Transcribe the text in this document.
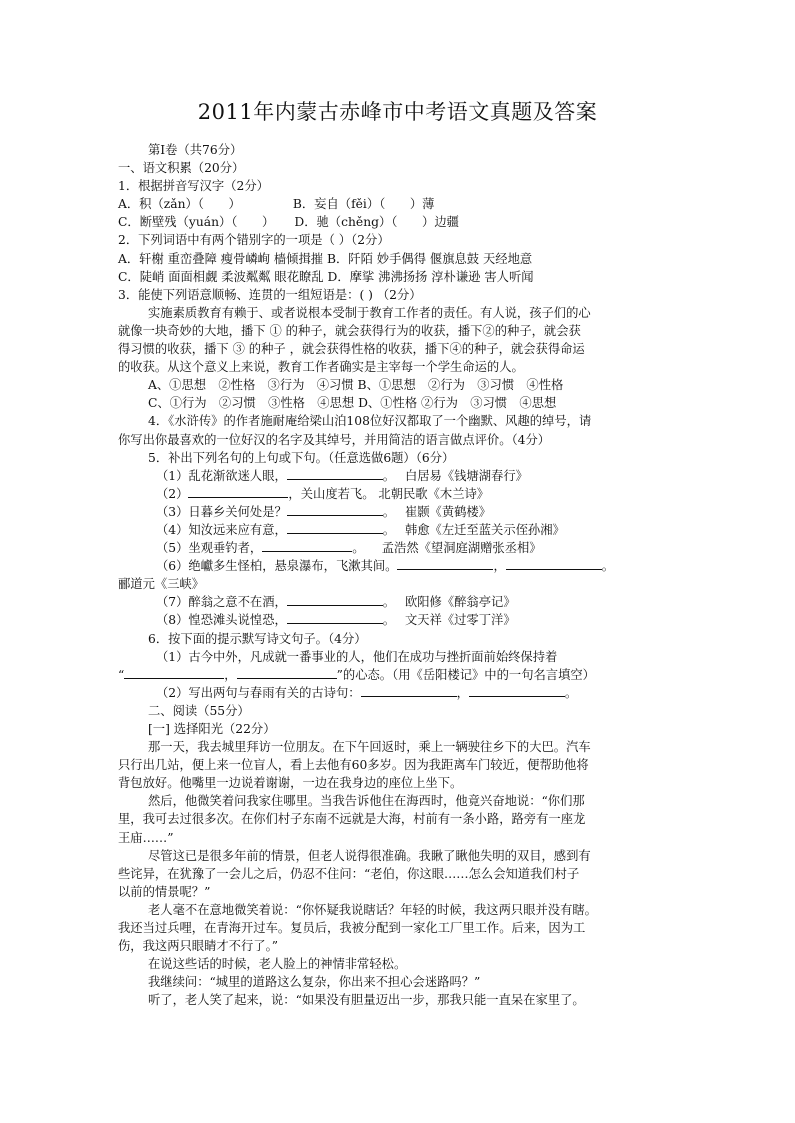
2011年内蒙古赤峰市中考语文真题及答案
第Ⅰ卷（共76分）
一、语文积累（20分）
1．根据拼音写汉字（2分）
A．积（zǎn）（　　）	B．妄自（fěi）（　　）薄
C．断壁残（yuán）（　　） D．驰（chěng）（　　）边疆
2．下列词语中有两个错别字的一项是（ ）（2分）
A．轩榭 重峦叠障 瘦骨嶙峋 樯倾揖摧 B．阡陌 妙手偶得 偃旗息鼓 天经地意
C．陡峭 面面相觑 柔波粼粼 眼花瞭乱 D．摩挲 沸沸扬扬 淳朴谦逊 害人听闻
3．能使下列语意顺畅、连贯的一组短语是：( ) （2分）
实施素质教育有赖于、或者说根本受制于教育工作者的责任。有人说，孩子们的心
就像一块奇妙的大地，播下 ① 的种子，就会获得行为的收获，播下②的种子，就会获
得习惯的收获，播下 ③ 的种子 ，就会获得性格的收获，播下④的种子，就会获得命运
的收获。从这个意义上来说，教育工作者确实是主宰每一个学生命运的人。
A、①思想　②性格　③行为　④习惯 B、①思想　②行为　③习惯　④性格
C、①行为　②习惯　③性格　④思想 D、①性格 ②行为　③习惯　④思想
4．《水浒传》的作者施耐庵给梁山泊108位好汉都取了一个幽默、风趣的绰号，请
你写出你最喜欢的一位好汉的名字及其绰号，并用简洁的语言做点评价。（4分）
5．补出下列名句的上句或下句。（任意选做6题）（6分）
（1）乱花渐欲迷人眼，	。 白居易《钱塘湖春行》
（2）	，关山度若飞。 北朝民歌《木兰诗》
（3）日暮乡关何处是？	。 崔颢《黄鹤楼》
（4）知汝远来应有意，	。 韩愈《左迁至蓝关示侄孙湘》
（5）坐观垂钓者，	。 孟浩然《望洞庭湖赠张丞相》
（6）绝巘多生怪柏，悬泉瀑布，飞漱其间。	，	。
郦道元《三峡》
（7）醉翁之意不在酒，	。 欧阳修《醉翁亭记》
（8）惶恐滩头说惶恐，	。 文天祥《过零丁洋》
6．按下面的提示默写诗文句子。（4分）
（1）古今中外，凡成就一番事业的人，他们在成功与挫折面前始终保持着
“	，	”的心态。（用《岳阳楼记》中的一句名言填空）
（2）写出两句与春雨有关的古诗句：	，	。
二、阅读（55分）
[一] 选择阳光（22分）
那一天，我去城里拜访一位朋友。在下午回返时，乘上一辆驶往乡下的大巴。汽车
只行出几站，便上来一位盲人，看上去他有60多岁。因为我距离车门较近，便帮助他将
背包放好。他嘴里一边说着谢谢，一边在我身边的座位上坐下。
然后，他微笑着问我家住哪里。当我告诉他住在海西时，他竟兴奋地说：“你们那
里，我可去过很多次。在你们村子东南不远就是大海，村前有一条小路，路旁有一座龙
王庙……”
尽管这已是很多年前的情景，但老人说得很准确。我瞅了瞅他失明的双目，感到有
些诧异，在犹豫了一会儿之后，仍忍不住问：“老伯，你这眼……怎么会知道我们村子
以前的情景呢？”
老人毫不在意地微笑着说：“你怀疑我说瞎话？年轻的时候，我这两只眼并没有瞎。
我还当过兵哩，在青海开过车。复员后，我被分配到一家化工厂里工作。后来，因为工
伤，我这两只眼睛才不行了。”
在说这些话的时候，老人脸上的神情非常轻松。
我继续问：“城里的道路这么复杂，你出来不担心会迷路吗？”
听了，老人笑了起来，说：“如果没有胆量迈出一步，那我只能一直呆在家里了。
